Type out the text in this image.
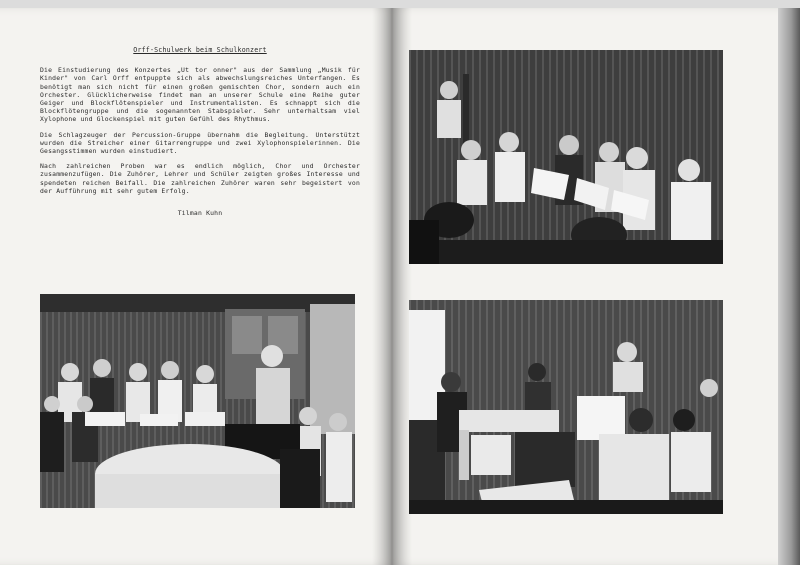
Orff-Schulwerk beim Schulkonzert

Die Einstudierung des Konzertes „Ut tor onner" aus der Sammlung „Musik für Kinder" von Carl Orff entpuppte sich als abwechslungsreiches Unterfangen. Es benötigt man sich nicht für einen großen gemischten Chor, sondern auch ein Orchester. Glücklicherweise findet man an unserer Schule eine Reihe guter Geiger und Blockflötenspieler und Instrumentalisten. Es schnappt sich die Blockflötengruppe und die sogenannten Stabspieler. Sehr unterhaltsam viel Xylophone und Glockenspiel mit guten Gefühl des Rhythmus.

Die Schlagzeuger der Percussion-Gruppe übernahm die Begleitung. Unterstützt wurden die Streicher einer Gitarrengruppe und zwei Xylophonspielerinnen. Die Gesangsstimmen wurden einstudiert.

Nach zahlreichen Proben war es endlich möglich, Chor und Orchester zusammenzufügen. Die Zuhörer, Lehrer und Schüler zeigten großes Interesse und spendeten reichen Beifall. Die zahlreichen Zuhörer waren sehr begeistert von der Aufführung mit sehr gutem Erfolg.

Tilman Kuhn
